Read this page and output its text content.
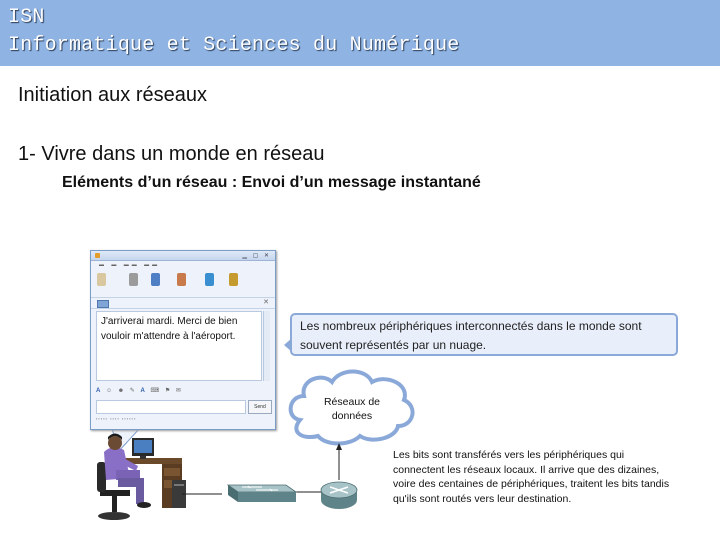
ISN
Informatique et Sciences du Numérique
Initiation aux réseaux
1- Vivre dans un monde en réseau
Eléments d’un réseau : Envoi d’un message instantané
▁ ▢ ✕
▬ ▬ ▬▬ ▬▬
✕
J'arriverai mardi. Merci de bien
vouloir m'attendre à l'aéroport.
A ☺ ☻ ✎ A ⌨ ⚑ ✉
Send
▪▪▪▪▪ ▪▪▪▪ ▪▪▪▪▪▪
Les nombreux périphériques interconnectés dans le monde sont
souvent représentés par un nuage.
Réseaux de
données
Les bits sont transférés vers les périphériques qui
connectent les réseaux locaux. Il arrive que des dizaines,
voire des centaines de périphériques, traitent les bits tandis
qu'ils sont routés vers leur destination.
